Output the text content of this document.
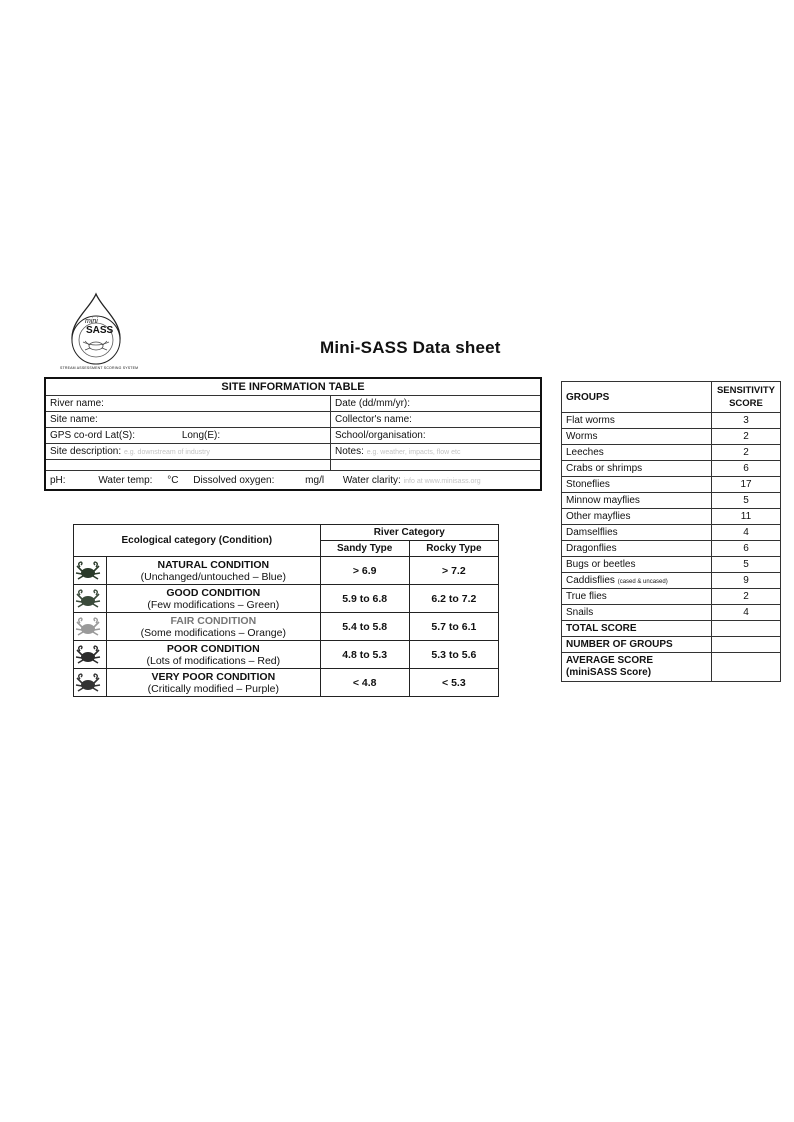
mini
SASS
STREAM ASSESSMENT SCORING SYSTEM
Mini-SASS Data sheet
SITE INFORMATION TABLE	
River name:	Date (dd/mm/yr):
Site name:	Collector's name:
GPS co-ord Lat(S): Long(E):	School/organisation:
Site description: e.g. downstream of industry	Notes: e.g. weather, impacts, flow etc

pH: Water temp: °C Dissolved oxygen: mg/l Water clarity: info at www.minisass.org	
Ecological category (Condition)		River Category	
		Sandy Type	Rocky Type

NATURAL CONDITION
(Unchanged/untouched – Blue)	> 6.9	> 7.2

GOOD CONDITION
(Few modifications – Green)	5.9 to 6.8	6.2 to 7.2

FAIR CONDITION
(Some modifications – Orange)	5.4 to 5.8	5.7 to 6.1

POOR CONDITION
(Lots of modifications – Red)	4.8 to 5.3	5.3 to 5.6

VERY POOR CONDITION
(Critically modified – Purple)	< 4.8	< 5.3
GROUPS	SENSITIVITY
SCORE
Flat worms	3
Worms	2
Leeches	2
Crabs or shrimps	6
Stoneflies	17
Minnow mayflies	5
Other mayflies	11
Damselflies	4
Dragonflies	6
Bugs or beetles	5
Caddisflies (cased & uncased)	9
True flies	2
Snails	4
TOTAL SCORE	
NUMBER OF GROUPS	
AVERAGE SCORE
(miniSASS Score)	
